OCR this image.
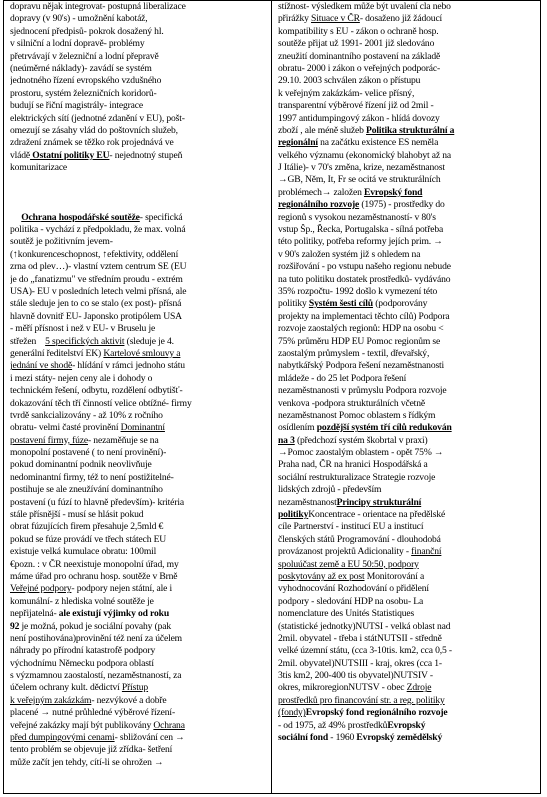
dopravu nějak integrovat- postupná liberalizace
dopravy (v 90's) - umožnění kabotáž,
sjednocení předpisů- pokrok dosažený hl.
v silniční a lodní dopravě- problémy
přetrvávají v železniční a lodní přepravě
(neúměrné náklady)- zavádí se systém
jednotného řízení evropského vzdušného
prostoru, systém železničních koridorů-
budují se řiční magistrály- integrace
elektrických sítí (jednotné zdanění v EU), pošt-
omezují se zásahy vlád do poštovních služeb,
zdražení známek se těžko rok projednává ve
vládě Ostatní politiky EU- nejednotný stupeň
komunitarizace
Ochrana hospodářské soutěže- specifická
politika - vychází z předpokladu, že max. volná
soutěž je požitivním jevem-
(↑konkurenceschopnost, ↑efektivity, oddělení
zrna od plev…)- vlastní vztem centrum SE (EU
je do „fanatizmu" ve středním proudu - extrém
USA)- EU v posledních letech velmi přísná, ale
stále sleduje jen to co se stalo (ex post)- přísná
hlavně dovnitř EU- Japonsko protipólem USA
- měří přísnost i než v EU- v Bruselu je
střežen 5 specifických aktivit (sleduje je 4.
generální ředitelství EK) Kartelové smlouvy a
jednání ve shodě- hlídání v rámci jednoho státu
i mezi státy- nejen ceny ale i dohody o
technickém řešení, odbytu, rozdělení odbytišť-
dokazování těch tří činností velice obtížné- firmy
tvrdě sankcializovány - až 10% z ročního
obratu- velmi časté provinění Dominantní
postavení firmy, fúze- nezaměňuje se na
monopolní postavené ( to není provinění)-
pokud dominantní podnik neovlivňuje
nedominantní firmy, též to není postižitelné-
postihuje se ale zneužívání dominantního
postavení (u fúzí to hlavně především)- kritéria
stále přísnější - musí se hlásit pokud
obrat fúzujících firem přesahuje 2,5mld €
pokud se fúze provádí ve třech státech EU
existuje velká kumulace obratu: 100mil
€pozn. : v ČR neexistuje monopolní úřad, my
máme úřad pro ochranu hosp. soutěže v Brně
Veřejné podpory- podpory nejen státní, ale i
komunální- z hlediska volné soutěže je
nepřijatelná- ale existují výjimky od roku
92 je možná, pokud je sociální povahy (pak
není postihována)provinění též není za účelem
náhrady po přírodní katastrofě podpory
východnímu Německu podpora oblastí
s výzmamnou zaostalostí, nezaměstnaností, za
účelem ochrany kult. dědictví Přístup
k veřejným zakázkám- nezvýkové a dobře
placené → nutné průhledné výběrové řízení-
veřejné zakázky mají být publikovány Ochrana
před dumpingovými cenami- sbližování cen →
tento problém se objevuje již zřídka- šetření
může začít jen tehdy, cítí-li se ohrožen →
stížnost- výsledkem může být uvalení cla nebo
přirážky Situace v ČR- dosaženo již žádoucí
kompatibility s EU - zákon o ochraně hosp.
soutěže přijat už 1991- 2001 již sledováno
zneužití dominantního postavení na základě
obratu- 2000 i zákon o veřejných podporác-
29.10. 2003 schválen zákon o přístupu
k veřejným zakázkám- velice přísný,
transparentní výběrové řízení již od 2mil -
1997 antidumpingový zákon - hlídá dovozy
zboží , ale méně služeb Politika strukturální a
regionální na začátku existence ES neměla
velkého významu (ekonomický blahobyt až na
J Itálie)- v 70's změna, krize, nezaměstnanost
→GB, Něm, It, Fr se ocitá ve strukturálních
problémech→ založen Evropský fond
regionálního rozvoje (1975) - prostředky do
regionů s vysokou nezaměstnaností- v 80's
vstup Šp., Řecka, Portugalska - sílná potřeba
této politiky, potřeba reformy jejích prim. →
v 90's založen systém již s ohledem na
rozšiřování - po vstupu našeho regionu nebude
na tuto politiku dostatek prostředků- vydáváno
35% rozpočtu- 1992 došlo k vymezení této
politiky Systém šesti cílů (podporovány
projekty na implementaci těchto cílů) Podpora
rozvoje zaostalých regionů: HDP na osobu <
75% průměru HDP EU Pomoc regionům se
zaostalým průmyslem - textil, dřevařský,
nabytkářský Podpora řešení nezaměstnanosti
mládeže - do 25 let Podpora řešení
nezaměstnanosti v průmyslu Podpora rozvoje
venkova -podpora strukturálních včetně
nezaměstnanost Pomoc oblastem s řídkým
osídlením pozdější systém tří cílů redukován
na 3 (předchozí systém škobrtal v praxi)
→Pomoc zaostalým oblastem - opět 75% →
Praha nad, ČR na hranici Hospodářská a
sociální restrukturalizace Strategie rozvoje
lidských zdrojů - především
nezaměstnanostPrincipy strukturální
politikyKoncentrace - orientace na předělské
cíle Partnerství - institucí EU a institucí
členských států Programování - dlouhodobá
provázanost projektů Adicionality - finanční
spoluúčast země a EU 50:50, podpory
poskytovány až ex post Monitorování a
vyhodnocování Rozhodování o přidělení
podpory - sledování HDP na osobu- La
nomenclature des Unités Statistiques
(statistické jednotky)NUTSI - velká oblast nad
2mil. obyvatel - třeba i státNUTSII - středně
velké územní státu, (cca 3-10tis. km2, cca 0,5 -
2mil. obyvatel)NUTSIII - kraj, okres (cca 1-
3tis km2, 200-400 tis obyvatel)NUTSIV -
okres, mikroregionNUTSV - obec Zdroje
prostředků pro financování str. a reg. politiky
(fondy)Evropský fond regionálního rozvoje
- od 1975, až 49% prostředkůEvropský
sociální fond - 1960 Evropský zemědělský
